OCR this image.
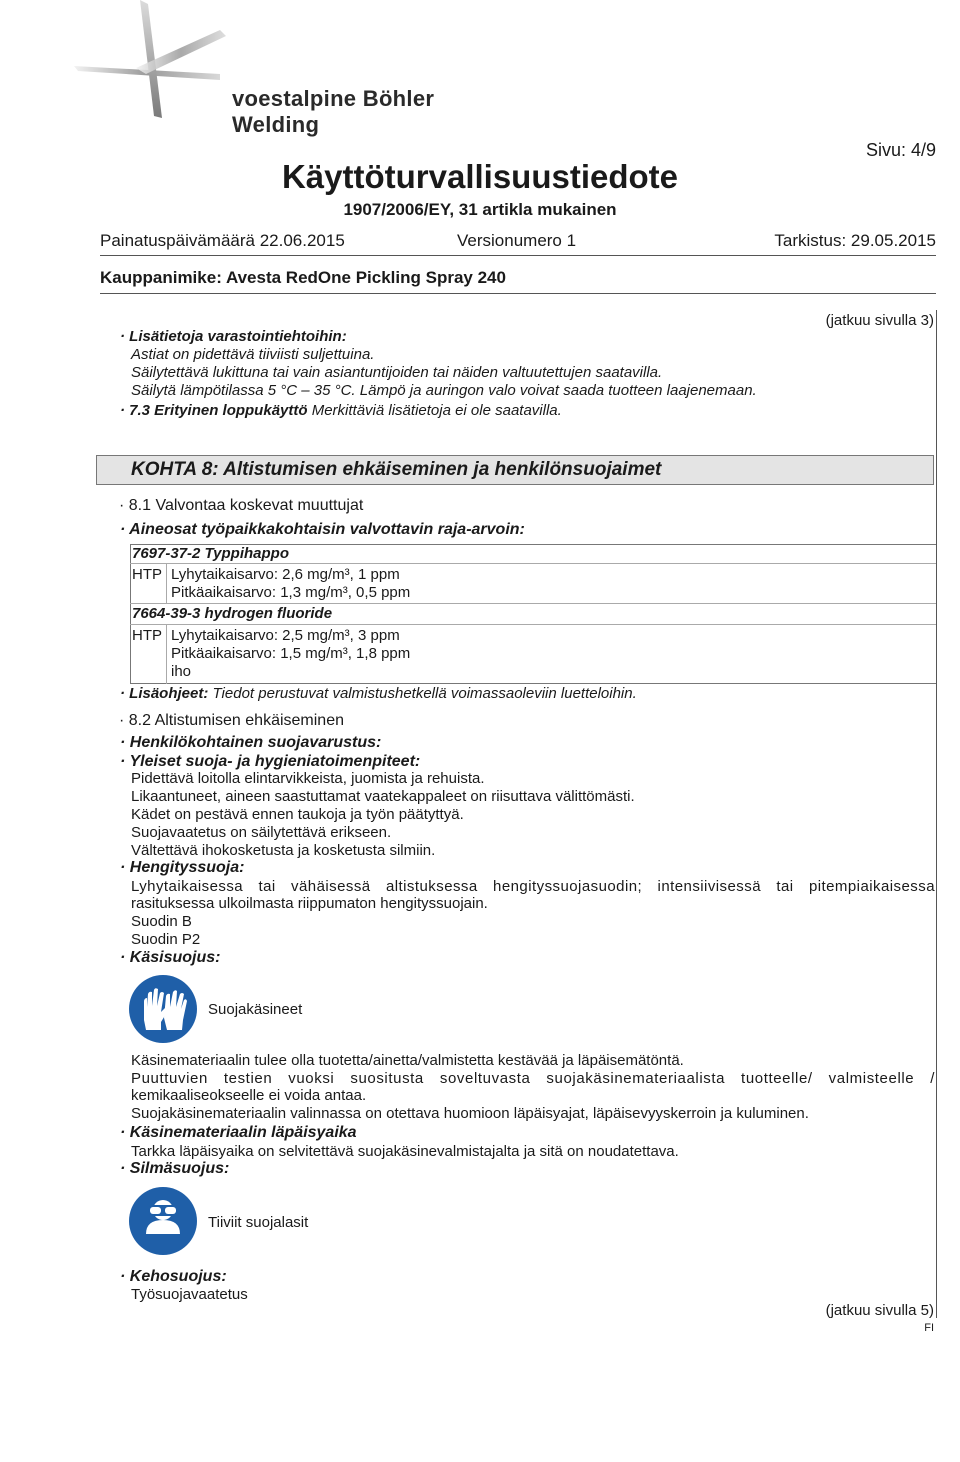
voestalpine Böhler Welding
Sivu: 4/9
Käyttöturvallisuustiedote
1907/2006/EY, 31 artikla mukainen
Painatuspäivämäärä 22.06.2015	Versionumero 1	Tarkistus: 29.05.2015
Kauppanimike: Avesta RedOne Pickling Spray 240
(jatkuu sivulla 3)
· Lisätietoja varastointiehtoihin:
Astiat on pidettävä tiiviisti suljettuina.
Säilytettävä lukittuna tai vain asiantuntijoiden tai näiden valtuutettujen saatavilla.
Säilytä lämpötilassa 5 °C – 35 °C. Lämpö ja auringon valo voivat saada tuotteen laajenemaan.
· 7.3 Erityinen loppukäyttö Merkittäviä lisätietoja ei ole saatavilla.
KOHTA 8: Altistumisen ehkäiseminen ja henkilönsuojaimet
· 8.1 Valvontaa koskevat muuttujat
· Aineosat työpaikkakohtaisin valvottavin raja-arvoin:
7697-37-2 Typpihappo
HTP Lyhytaikaisarvo: 2,6 mg/m³, 1 ppm
Pitkäaikaisarvo: 1,3 mg/m³, 0,5 ppm
7664-39-3 hydrogen fluoride
HTP Lyhytaikaisarvo: 2,5 mg/m³, 3 ppm
Pitkäaikaisarvo: 1,5 mg/m³, 1,8 ppm
iho
· Lisäohjeet: Tiedot perustuvat valmistushetkellä voimassaoleviin luetteloihin.
· 8.2 Altistumisen ehkäiseminen
· Henkilökohtainen suojavarustus:
· Yleiset suoja- ja hygieniatoimenpiteet:
Pidettävä loitolla elintarvikkeista, juomista ja rehuista.
Likaantuneet, aineen saastuttamat vaatekappaleet on riisuttava välittömästi.
Kädet on pestävä ennen taukoja ja työn päätyttyä.
Suojavaatetus on säilytettävä erikseen.
Vältettävä ihokosketusta ja kosketusta silmiin.
· Hengityssuoja:
Lyhytaikaisessa tai vähäisessä altistuksessa hengityssuojasuodin; intensiivisessä tai pitempiaikaisessa
rasituksessa ulkoilmasta riippumaton hengityssuojain.
Suodin B
Suodin P2
· Käsisuojus:
Suojakäsineet
Käsinemateriaalin tulee olla tuotetta/ainetta/valmistetta kestävää ja läpäisemätöntä.
Puuttuvien testien vuoksi suositusta soveltuvasta suojakäsinemateriaalista tuotteelle/ valmisteelle /
kemikaaliseokseelle ei voida antaa.
Suojakäsinemateriaalin valinnassa on otettava huomioon läpäisyajat, läpäisevyyskerroin ja kuluminen.
· Käsinemateriaalin läpäisyaika
Tarkka läpäisyaika on selvitettävä suojakäsinevalmistajalta ja sitä on noudatettava.
· Silmäsuojus:
Tiiviit suojalasit
· Kehosuojus:
Työsuojavaatetus
(jatkuu sivulla 5)
FI
